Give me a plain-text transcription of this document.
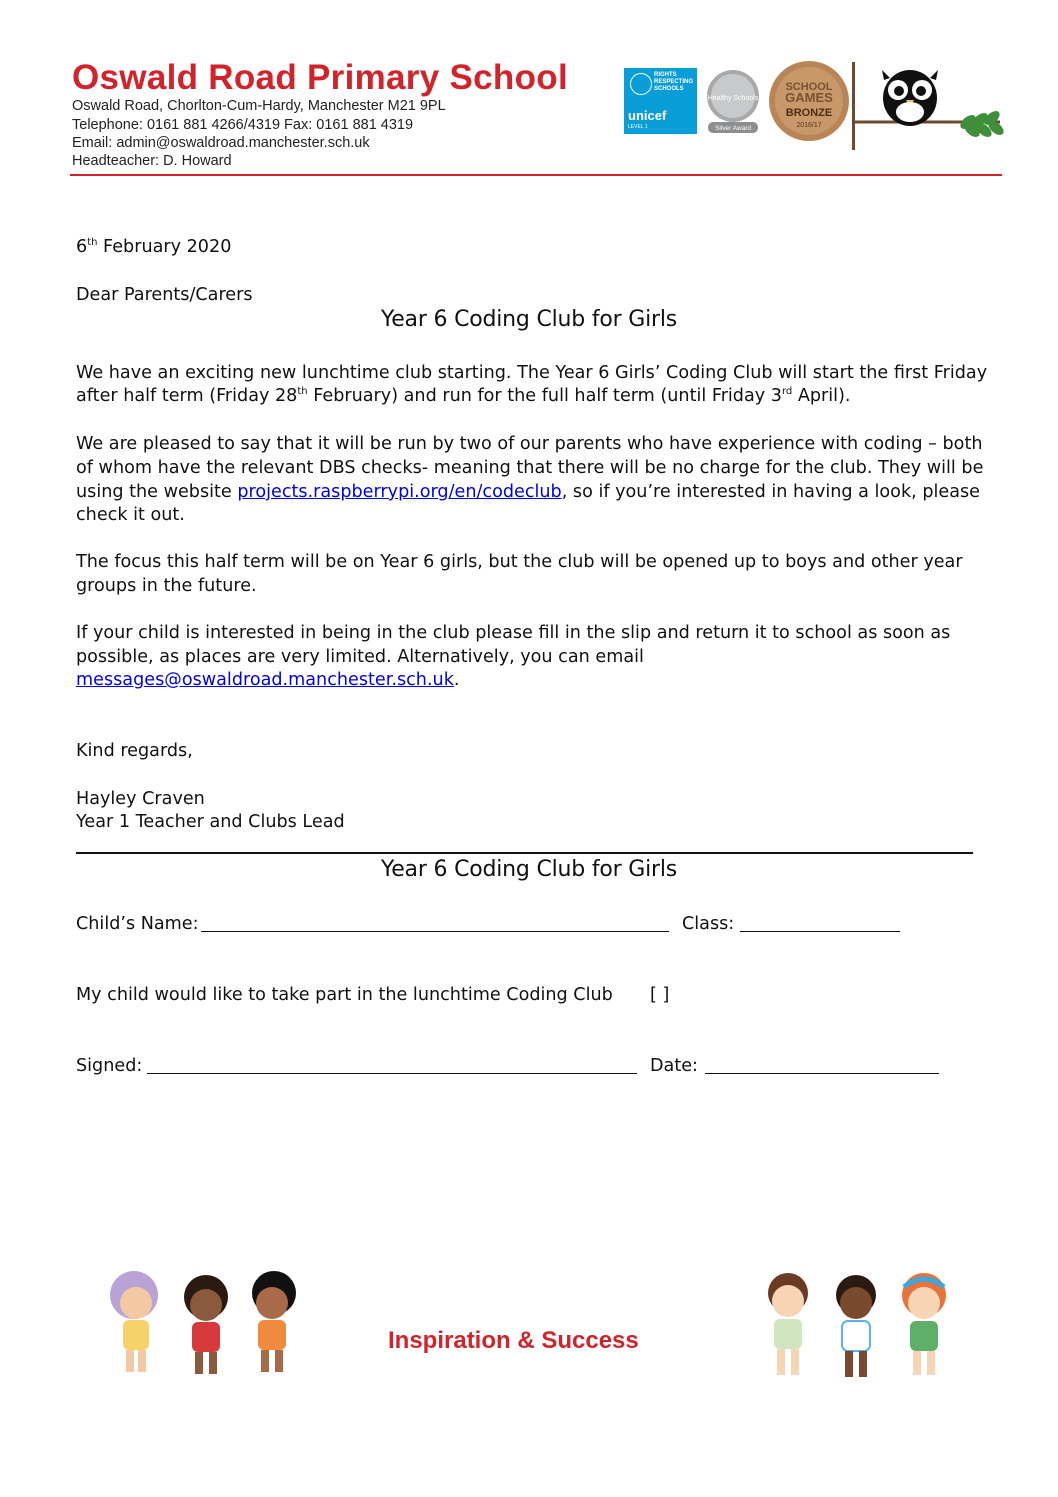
Oswald Road Primary School
Oswald Road, Chorlton-Cum-Hardy, Manchester M21 9PL
Telephone: 0161 881 4266/4319 Fax: 0161 881 4319
Email: admin@oswaldroad.manchester.sch.uk
Headteacher: D. Howard
RIGHTS RESPECTING SCHOOLS
unicef
LEVEL 1
Healthy Schools
Silver Award
SCHOOL
GAMES
BRONZE
2016/17
6th February 2020
Dear Parents/Carers
Year 6 Coding Club for Girls
We have an exciting new lunchtime club starting. The Year 6 Girls’ Coding Club will start the first Friday
after half term (Friday 28th February) and run for the full half term (until Friday 3rd April).
We are pleased to say that it will be run by two of our parents who have experience with coding – both
of whom have the relevant DBS checks- meaning that there will be no charge for the club. They will be
using the website projects.raspberrypi.org/en/codeclub, so if you’re interested in having a look, please
check it out.
The focus this half term will be on Year 6 girls, but the club will be opened up to boys and other year
groups in the future.
If your child is interested in being in the club please fill in the slip and return it to school as soon as
possible, as places are very limited. Alternatively, you can email
messages@oswaldroad.manchester.sch.uk.
Kind regards,
Hayley Craven
Year 1 Teacher and Clubs Lead
Year 6 Coding Club for Girls
Child’s Name:	Class:
My child would like to take part in the lunchtime Coding Club [ ]
Signed:	Date:
Inspiration & Success
